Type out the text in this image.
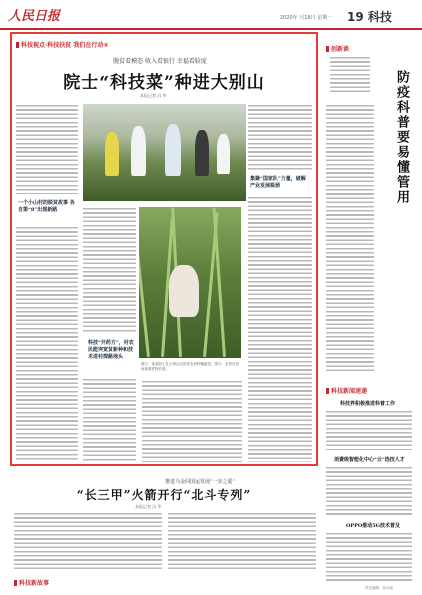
人民日报	2020年 月18日 星期一 19 科技
科技视点·科技扶贫 我们在行动④
脱贫看模态 收入看银行 幸福看脸庞
院士“科技菜”种进大别山
本报记者 冯 华
一个小山村的脱贫故事 各自第“8”出现新路
科技“开药方”，村农民能突宽贫新种和技术进村探路地头
集聚“国家队”力量，破解产业发展瓶颈
图①：某某院士在大别山区指导农民种植蔬菜。图②：农民在田间查看作物长势。
创新谈
防疫科普要易懂管用
科技新闻速递
科技界积极推进科普工作
消费级智能化中心“云”选技人才
OPPO推动5G技术普及
推进马金回国运发展“一步之遥”
“长三甲”火箭开行“北斗专列”
本报记者 冯 华
科技新故事
责任编辑：刘诗瑶
